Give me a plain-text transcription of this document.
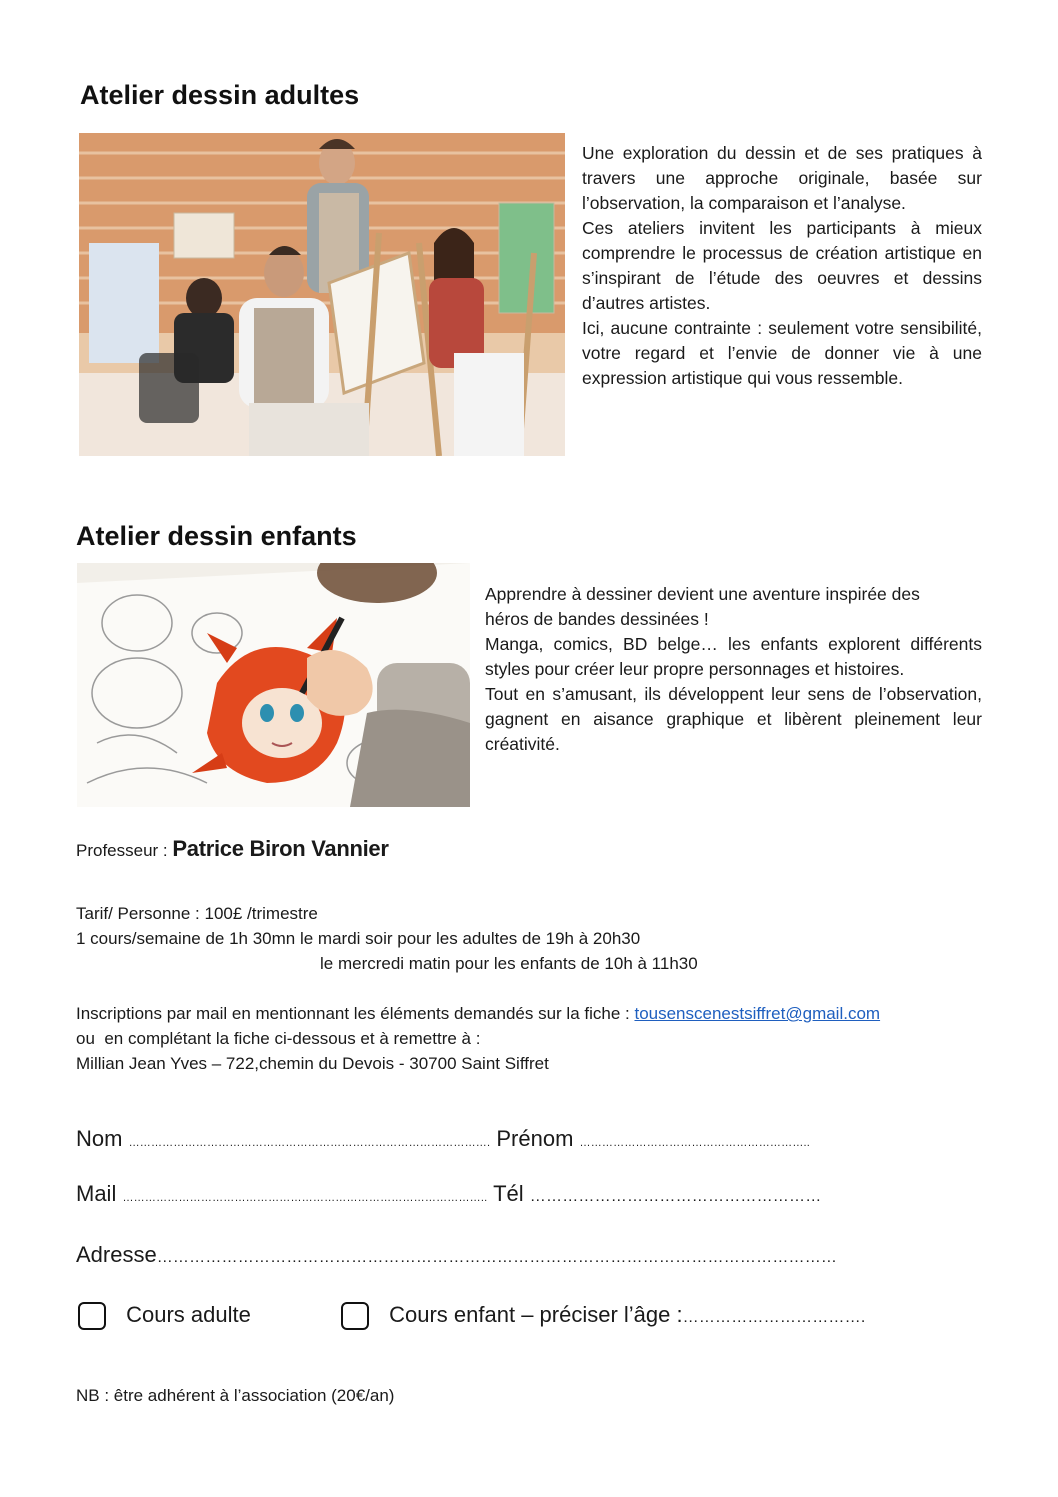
Atelier dessin adultes

Une exploration du dessin et de ses pratiques à travers une approche originale, basée sur l’observation, la comparaison et l’analyse.

Ces ateliers invitent les participants à mieux comprendre le processus de création artistique en s’inspirant de l’étude des oeuvres et dessins d’autres artistes.

Ici, aucune contrainte : seulement votre sensibilité, votre regard et l’envie de donner vie à une expression artistique qui vous ressemble.

Atelier dessin enfants

Apprendre à dessiner devient une aventure inspirée des héros de bandes dessinées !

Manga, comics, BD belge… les enfants explorent différents styles pour créer leur propre personnages et histoires.

Tout en s’amusant, ils développent leur sens de l’observation, gagnent en aisance graphique et libèrent pleinement leur créativité.

Professeur : Patrice Biron Vannier
Tarif/ Personne : 100£ /trimestre
1 cours/semaine de 1h 30mn le mardi soir pour les adultes de 19h à 20h30
le mercredi matin pour les enfants de 10h à 11h30
Inscriptions par mail en mentionnant les éléments demandés sur la fiche : tousenscenestsiffret@gmail.com
ou  en complétant la fiche ci-dessous et à remettre à :
Millian Jean Yves – 722,chemin du Devois - 30700 Saint Siffret
Nom ……………………………………………………………………………………. Prénom ……………………………………………………..
Mail …………………………………………………………………………………….. Tél ………………………………………………
Adresse………………………………………………………………………………………………………………
Cours adulte	Cours enfant – préciser l’âge :…………………………….
NB : être adhérent à l’association (20€/an)
